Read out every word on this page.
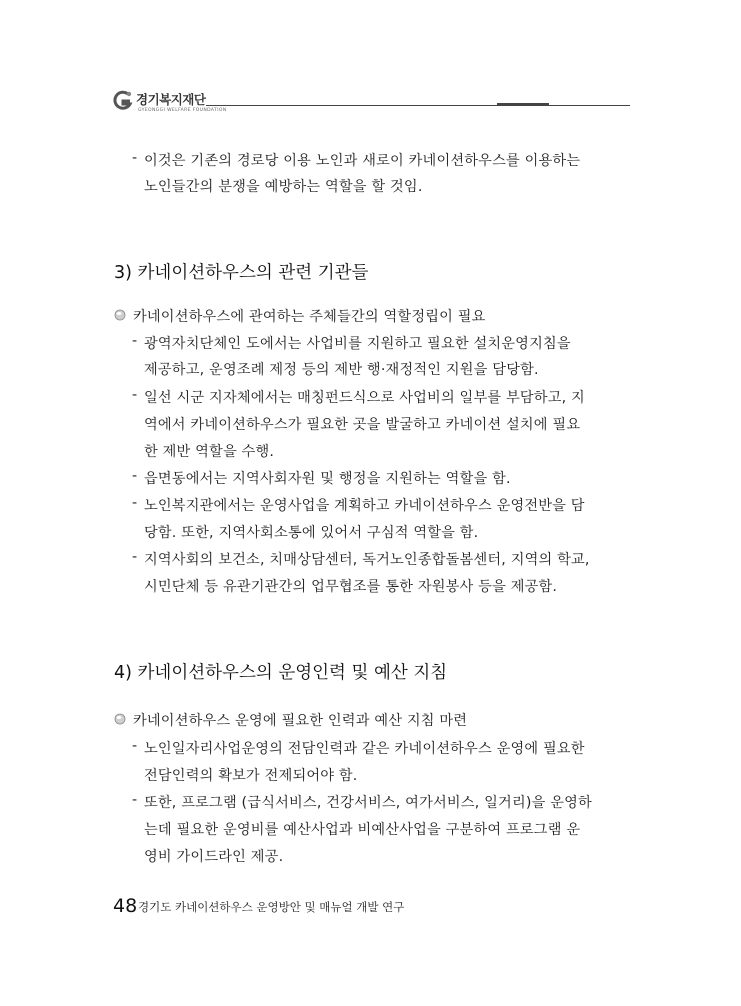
경기복지재단
GYEONGGI WELFARE FOUNDATION
- 이것은 기존의 경로당 이용 노인과 새로이 카네이션하우스를 이용하는
노인들간의 분쟁을 예방하는 역할을 할 것임.
3) 카네이션하우스의 관련 기관들
카네이션하우스에 관여하는 주체들간의 역할정립이 필요
- 광역자치단체인 도에서는 사업비를 지원하고 필요한 설치운영지침을
제공하고, 운영조례 제정 등의 제반 행·재정적인 지원을 담당함.
- 일선 시군 지자체에서는 매칭펀드식으로 사업비의 일부를 부담하고, 지
역에서 카네이션하우스가 필요한 곳을 발굴하고 카네이션 설치에 필요
한 제반 역할을 수행.
- 읍면동에서는 지역사회자원 및 행정을 지원하는 역할을 함.
- 노인복지관에서는 운영사업을 계획하고 카네이션하우스 운영전반을 담
당함. 또한, 지역사회소통에 있어서 구심적 역할을 함.
- 지역사회의 보건소, 치매상담센터, 독거노인종합돌봄센터, 지역의 학교,
시민단체 등 유관기관간의 업무협조를 통한 자원봉사 등을 제공함.
4) 카네이션하우스의 운영인력 및 예산 지침
카네이션하우스 운영에 필요한 인력과 예산 지침 마련
- 노인일자리사업운영의 전담인력과 같은 카네이션하우스 운영에 필요한
전담인력의 확보가 전제되어야 함.
- 또한, 프로그램 (급식서비스, 건강서비스, 여가서비스, 일거리)을 운영하
는데 필요한 운영비를 예산사업과 비예산사업을 구분하여 프로그램 운
영비 가이드라인 제공.
48 경기도 카네이션하우스 운영방안 및 매뉴얼 개발 연구
